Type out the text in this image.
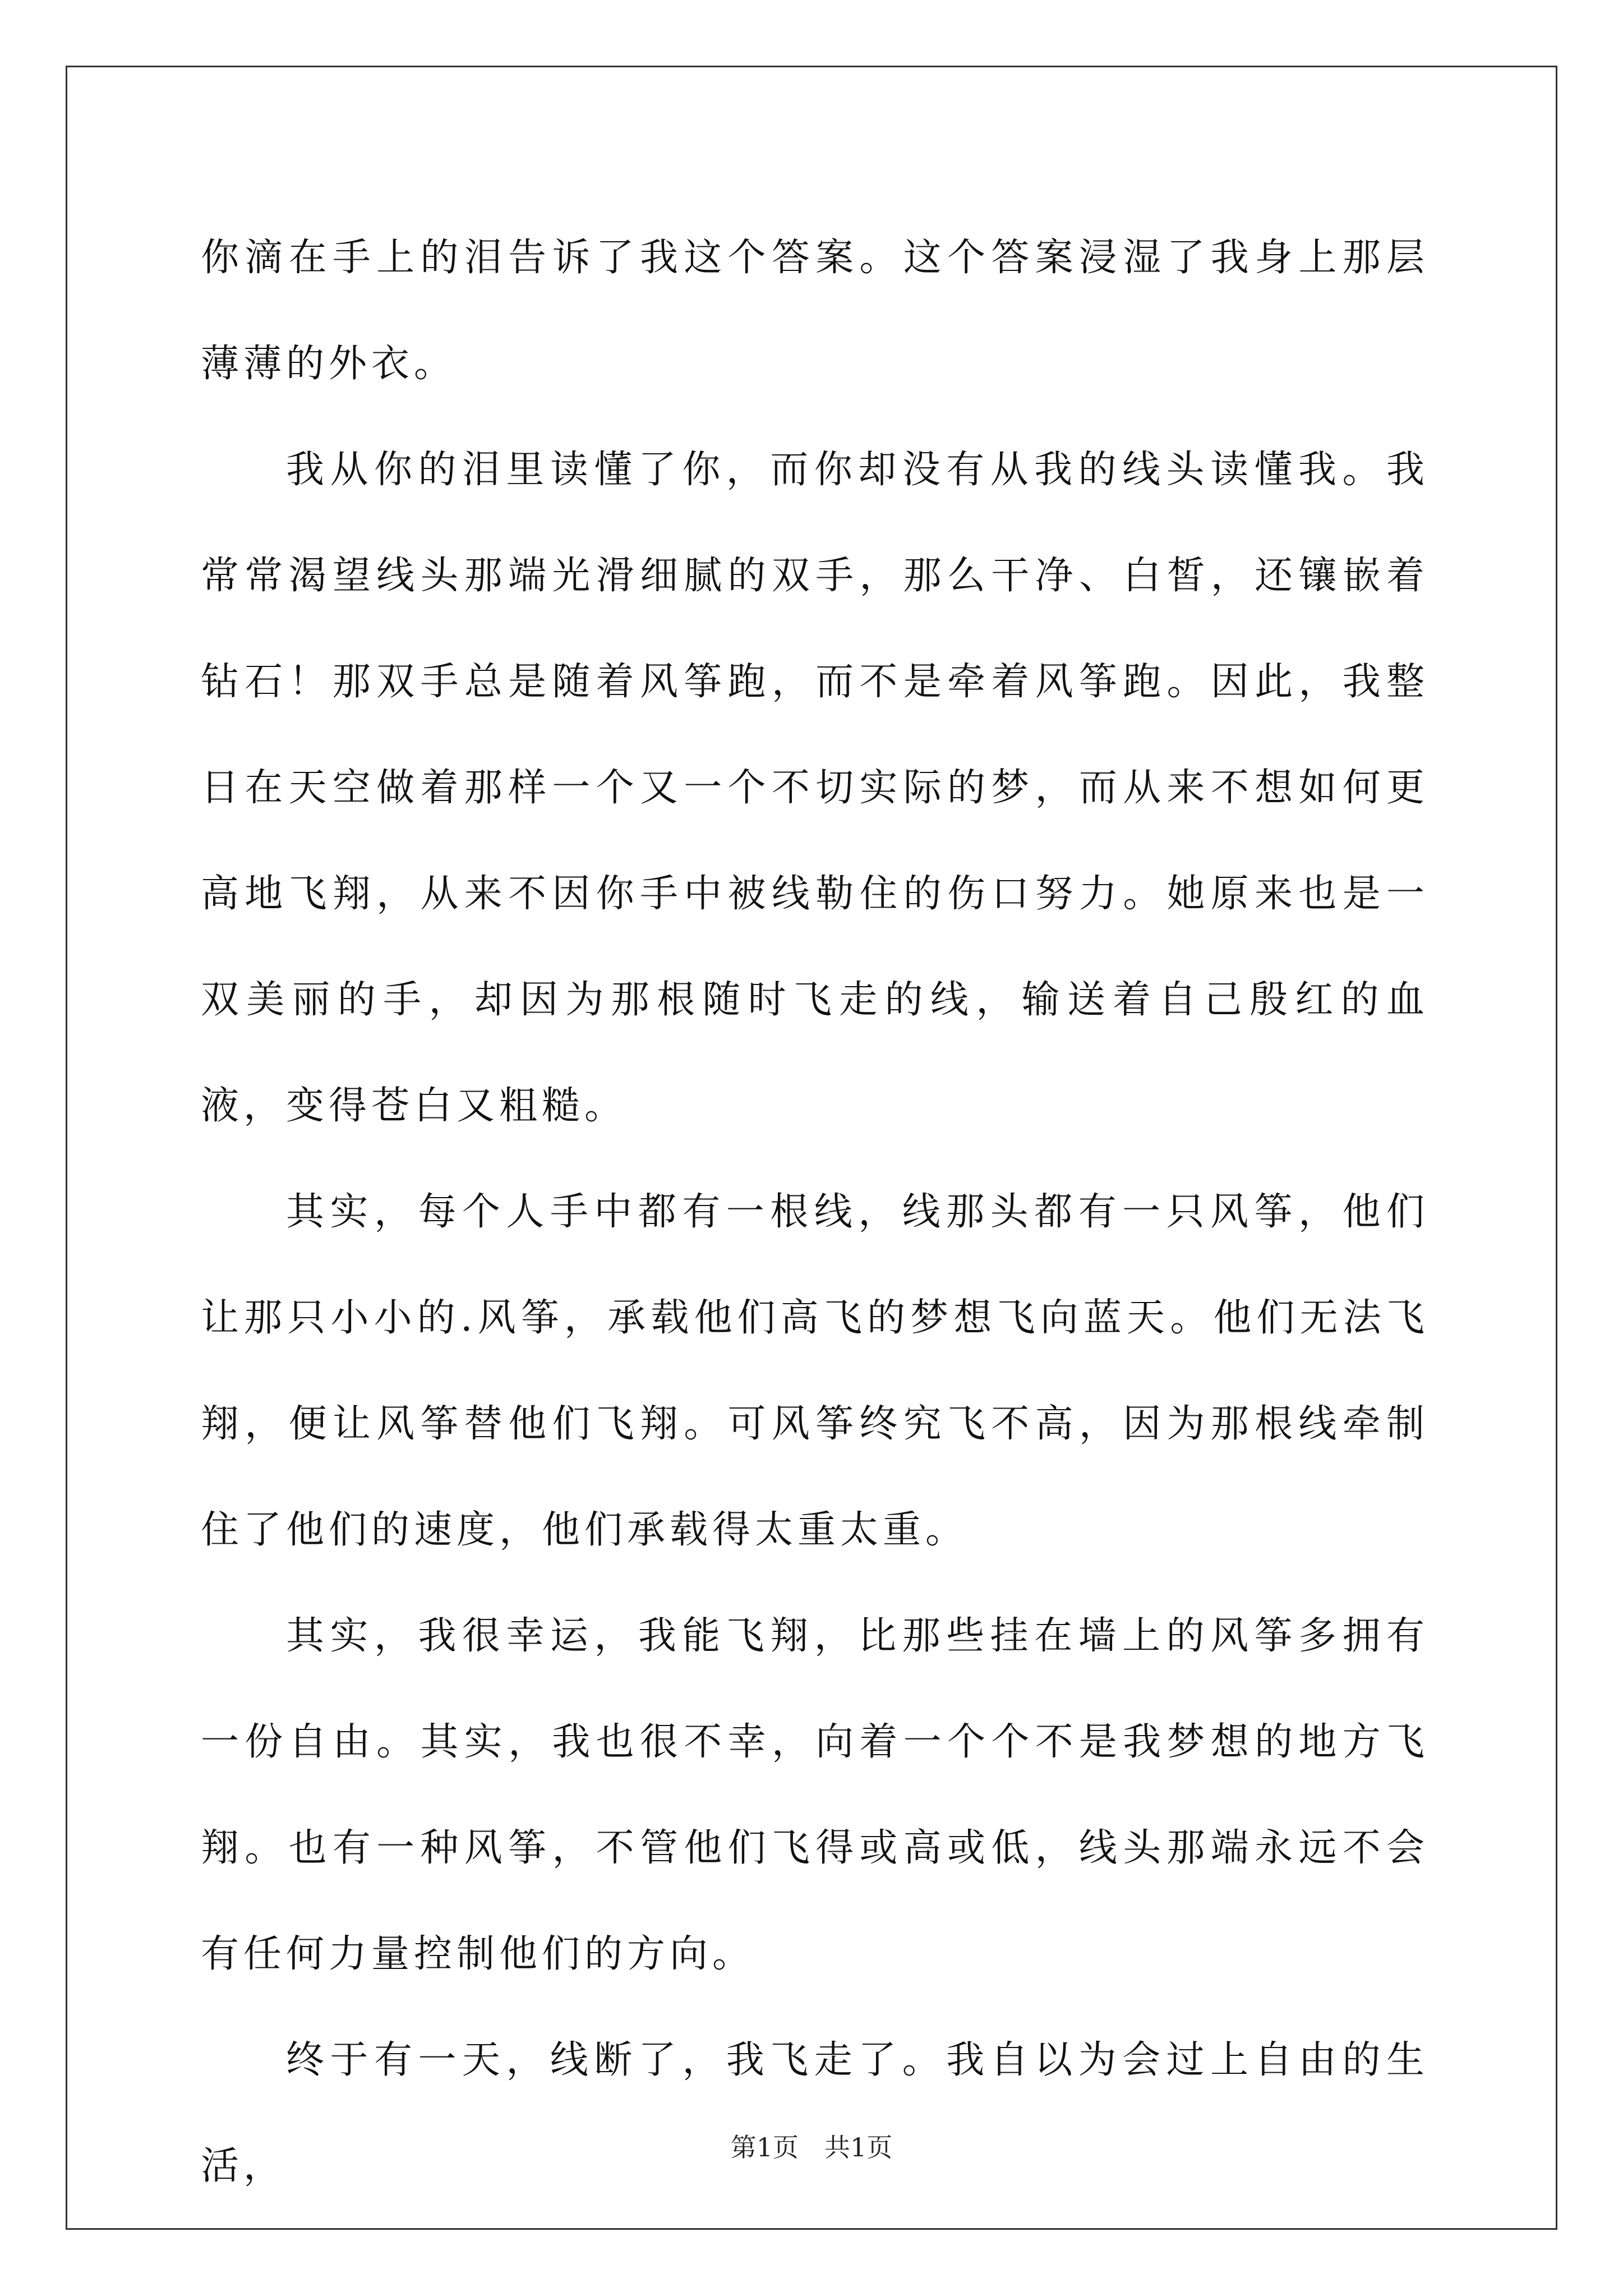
你滴在手上的泪告诉了我这个答案。这个答案浸湿了我身上那层薄薄的外衣。

我从你的泪里读懂了你，而你却没有从我的线头读懂我。我常常渴望线头那端光滑细腻的双手，那么干净、白皙，还镶嵌着钻石！那双手总是随着风筝跑，而不是牵着风筝跑。因此，我整日在天空做着那样一个又一个不切实际的梦，而从来不想如何更高地飞翔，从来不因你手中被线勒住的伤口努力。她原来也是一双美丽的手，却因为那根随时飞走的线，输送着自己殷红的血液，变得苍白又粗糙。

其实，每个人手中都有一根线，线那头都有一只风筝，他们让那只小小的.风筝，承载他们高飞的梦想飞向蓝天。他们无法飞翔，便让风筝替他们飞翔。可风筝终究飞不高，因为那根线牵制住了他们的速度，他们承载得太重太重。

其实，我很幸运，我能飞翔，比那些挂在墙上的风筝多拥有一份自由。其实，我也很不幸，向着一个个不是我梦想的地方飞翔。也有一种风筝，不管他们飞得或高或低，线头那端永远不会有任何力量控制他们的方向。

终于有一天，线断了，我飞走了。我自以为会过上自由的生活，	第1页　共1页
